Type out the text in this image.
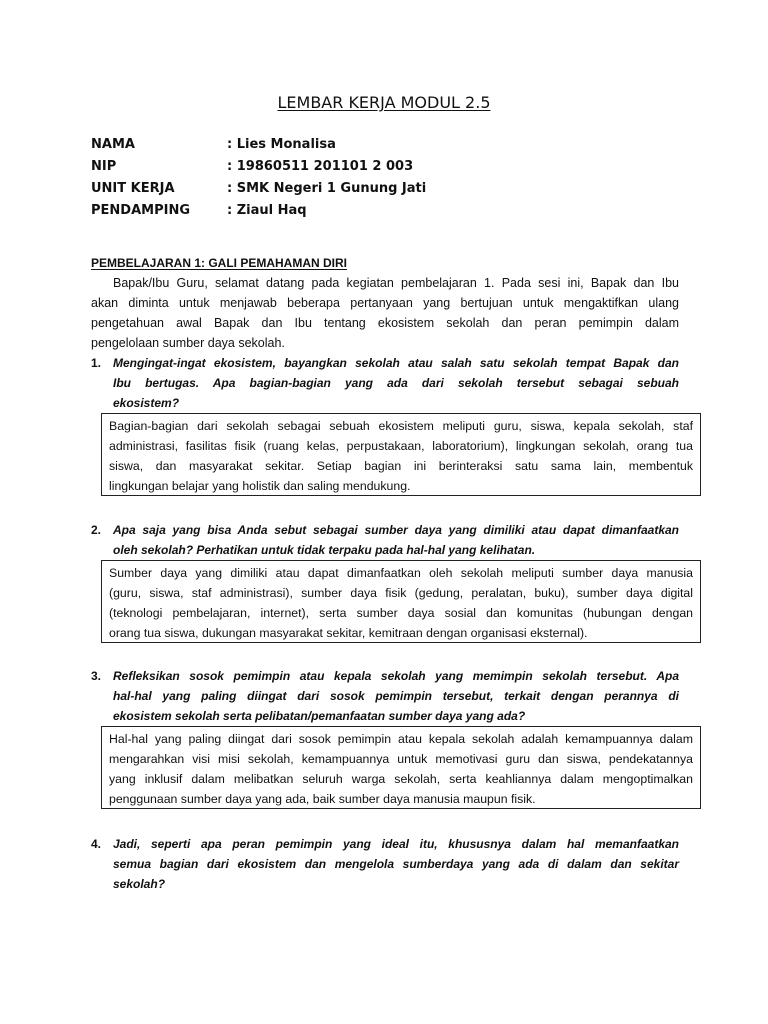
LEMBAR KERJA MODUL 2.5
NAMA	: Lies Monalisa
NIP	: 19860511 201101 2 003
UNIT KERJA	: SMK Negeri 1 Gunung Jati
PENDAMPING	: Ziaul Haq
PEMBELAJARAN 1: GALI PEMAHAMAN DIRI
Bapak/Ibu Guru, selamat datang pada kegiatan pembelajaran 1. Pada sesi ini, Bapak dan Ibu
akan diminta untuk menjawab beberapa pertanyaan yang bertujuan untuk mengaktifkan ulang
pengetahuan awal Bapak dan Ibu tentang ekosistem sekolah dan peran pemimpin dalam
pengelolaan sumber daya sekolah.
1. Mengingat-ingat ekosistem, bayangkan sekolah atau salah satu sekolah tempat Bapak dan
Ibu bertugas. Apa bagian-bagian yang ada dari sekolah tersebut sebagai sebuah
ekosistem?
Bagian-bagian dari sekolah sebagai sebuah ekosistem meliputi guru, siswa, kepala sekolah, staf
administrasi, fasilitas fisik (ruang kelas, perpustakaan, laboratorium), lingkungan sekolah, orang tua
siswa, dan masyarakat sekitar. Setiap bagian ini berinteraksi satu sama lain, membentuk
lingkungan belajar yang holistik dan saling mendukung.
2. Apa saja yang bisa Anda sebut sebagai sumber daya yang dimiliki atau dapat dimanfaatkan
oleh sekolah? Perhatikan untuk tidak terpaku pada hal-hal yang kelihatan.
Sumber daya yang dimiliki atau dapat dimanfaatkan oleh sekolah meliputi sumber daya manusia
(guru, siswa, staf administrasi), sumber daya fisik (gedung, peralatan, buku), sumber daya digital
(teknologi pembelajaran, internet), serta sumber daya sosial dan komunitas (hubungan dengan
orang tua siswa, dukungan masyarakat sekitar, kemitraan dengan organisasi eksternal).
3. Refleksikan sosok pemimpin atau kepala sekolah yang memimpin sekolah tersebut. Apa
hal-hal yang paling diingat dari sosok pemimpin tersebut, terkait dengan perannya di
ekosistem sekolah serta pelibatan/pemanfaatan sumber daya yang ada?
Hal-hal yang paling diingat dari sosok pemimpin atau kepala sekolah adalah kemampuannya dalam
mengarahkan visi misi sekolah, kemampuannya untuk memotivasi guru dan siswa, pendekatannya
yang inklusif dalam melibatkan seluruh warga sekolah, serta keahliannya dalam mengoptimalkan
penggunaan sumber daya yang ada, baik sumber daya manusia maupun fisik.
4. Jadi, seperti apa peran pemimpin yang ideal itu, khususnya dalam hal memanfaatkan
semua bagian dari ekosistem dan mengelola sumberdaya yang ada di dalam dan sekitar
sekolah?
